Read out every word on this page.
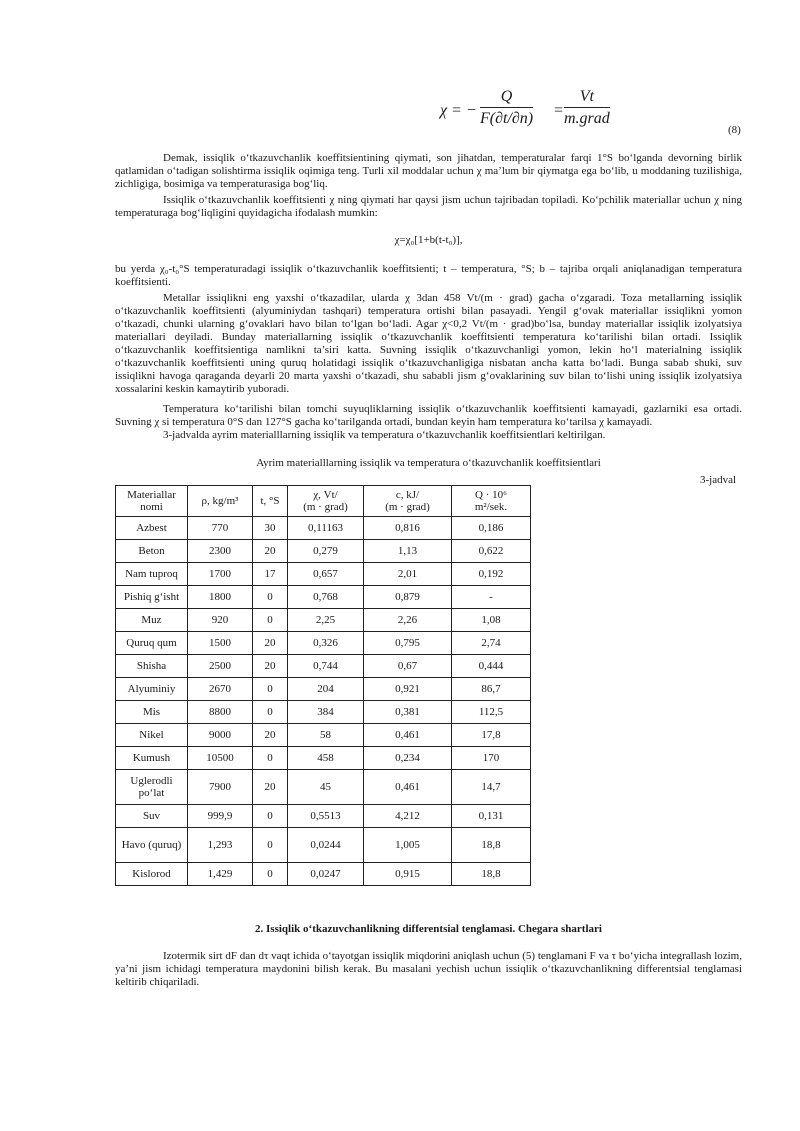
χ = − $\frac{Q}{F(\partial t/\partial n)}$ =
Vt
m.grad
(8)
Demak, issiqlik o‘tkazuvchanlik koeffitsientining qiymati, son jihatdan, temperaturalar farqi 1°S bo‘lganda devorning birlik qatlamidan o‘tadigan solishtirma issiqlik oqimiga teng. Turli xil moddalar uchun χ ma’lum bir qiymatga ega bo‘lib, u moddaning tuzilishiga, zichligiga, bosimiga va temperaturasiga bog‘liq.
Issiqlik o‘tkazuvchanlik koeffitsienti χ ning qiymati har qaysi jism uchun tajribadan topiladi. Ko‘pchilik materiallar uchun χ ning temperaturaga bog‘liqligini quyidagicha ifodalash mumkin:
χ=χ₀[1+b(t-t₀)],
bu yerda χ₀-t₀°S temperaturadagi issiqlik o‘tkazuvchanlik koeffitsienti; t – temperatura, °S; b – tajriba orqali aniqlanadigan temperatura koeffitsienti.
Metallar issiqlikni eng yaxshi o‘tkazadilar, ularda χ 3dan 458 Vt/(m · grad) gacha o‘zgaradi. Toza metallarning issiqlik o‘tkazuvchanlik koeffitsienti (alyuminiydan tashqari) temperatura ortishi bilan pasayadi. Yengil g‘ovak materiallar issiqlikni yomon o‘tkazadi, chunki ularning g‘ovaklari havo bilan to‘lgan bo‘ladi. Agar χ<0,2 Vt/(m · grad)bo‘lsa, bunday materiallar issiqlik izolyatsiya materiallari deyiladi. Bunday materiallarning issiqlik o‘tkazuvchanlik koeffitsienti temperatura ko‘tarilishi bilan ortadi. Issiqlik o‘tkazuvchanlik koeffitsientiga namlikni ta’siri katta. Suvning issiqlik o‘tkazuvchanligi yomon, lekin ho‘l materialning issiqlik o‘tkazuvchanlik koeffitsienti uning quruq holatidagi issiqlik o‘tkazuvchanligiga nisbatan ancha katta bo‘ladi. Bunga sabab shuki, suv issiqlikni havoga qaraganda deyarli 20 marta yaxshi o‘tkazadi, shu sababli jism g‘ovaklarining suv bilan to‘lishi uning issiqlik izolyatsiya xossalarini keskin kamaytirib yuboradi.
Temperatura ko‘tarilishi bilan tomchi suyuqliklarning issiqlik o‘tkazuvchanlik koeffitsienti kamayadi, gazlarniki esa ortadi. Suvning χ si temperatura 0°S dan 127°S gacha ko‘tarilganda ortadi, bundan keyin ham temperatura ko‘tarilsa χ kamayadi.
3-jadvalda ayrim materialllarning issiqlik va temperatura o‘tkazuvchanlik koeffitsientlari keltirilgan.
Ayrim materialllarning issiqlik va temperatura o‘tkazuvchanlik koeffitsientlari
3-jadval
Materiallar
nomi	ρ, kg/m³	t, °S	χ, Vt/
(m · grad)	c, kJ/
(m · grad)	Q · 10⁶
m²/sek.
Azbest	770	30	0,11163	0,816	0,186
Beton	2300	20	0,279	1,13	0,622
Nam tuproq	1700	17	0,657	2,01	0,192
Pishiq g‘isht	1800	0	0,768	0,879	-
Muz	920	0	2,25	2,26	1,08
Quruq qum	1500	20	0,326	0,795	2,74
Shisha	2500	20	0,744	0,67	0,444
Alyuminiy	2670	0	204	0,921	86,7
Mis	8800	0	384	0,381	112,5
Nikel	9000	20	58	0,461	17,8
Kumush	10500	0	458	0,234	170
Uglerodli po‘lat	7900	20	45	0,461	14,7
Suv	999,9	0	0,5513	4,212	0,131
Havo (quruq)	1,293	0	0,0244	1,005	18,8
Kislorod	1,429	0	0,0247	0,915	18,8
2. Issiqlik o‘tkazuvchanlikning differentsial tenglamasi. Chegara shartlari
Izotermik sirt dF dan dτ vaqt ichida o‘tayotgan issiqlik miqdorini aniqlash uchun (5) tenglamani F va τ bo‘yicha integrallash lozim, ya’ni jism ichidagi temperatura maydonini bilish kerak. Bu masalani yechish uchun issiqlik o‘tkazuvchanlikning differentsial tenglamasi keltirib chiqariladi.
